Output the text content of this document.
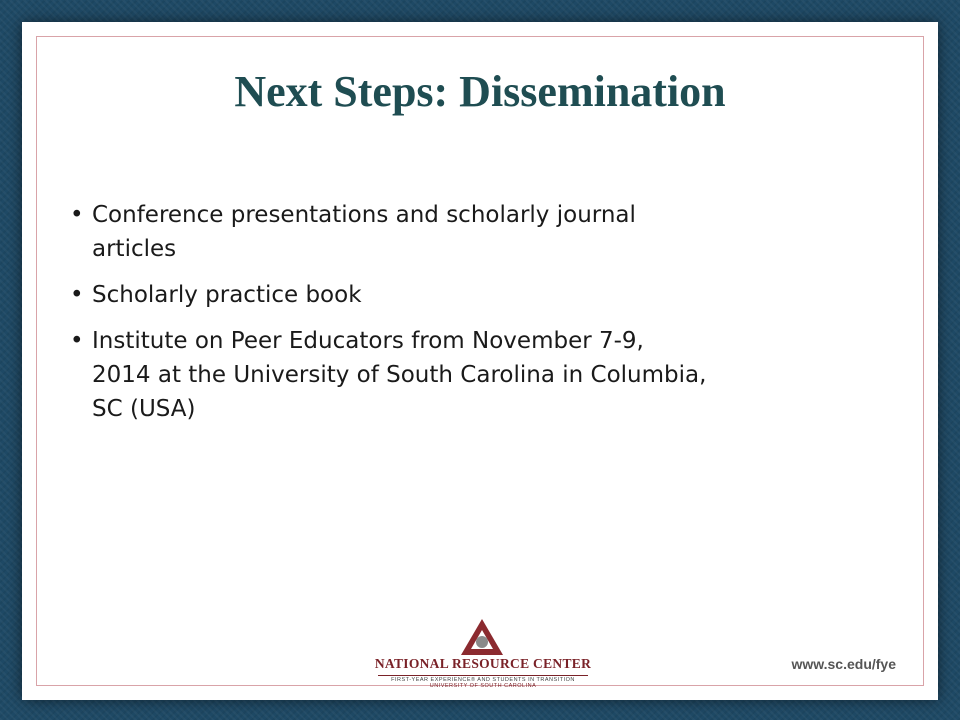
Next Steps: Dissemination
• Conference presentations and scholarly journal
articles
• Scholarly practice book
• Institute on Peer Educators from November 7-9,
2014 at the University of South Carolina in Columbia,
SC (USA)
NATIONAL RESOURCE CENTER
FIRST-YEAR EXPERIENCE® AND STUDENTS IN TRANSITION
UNIVERSITY OF SOUTH CAROLINA
www.sc.edu/fye
